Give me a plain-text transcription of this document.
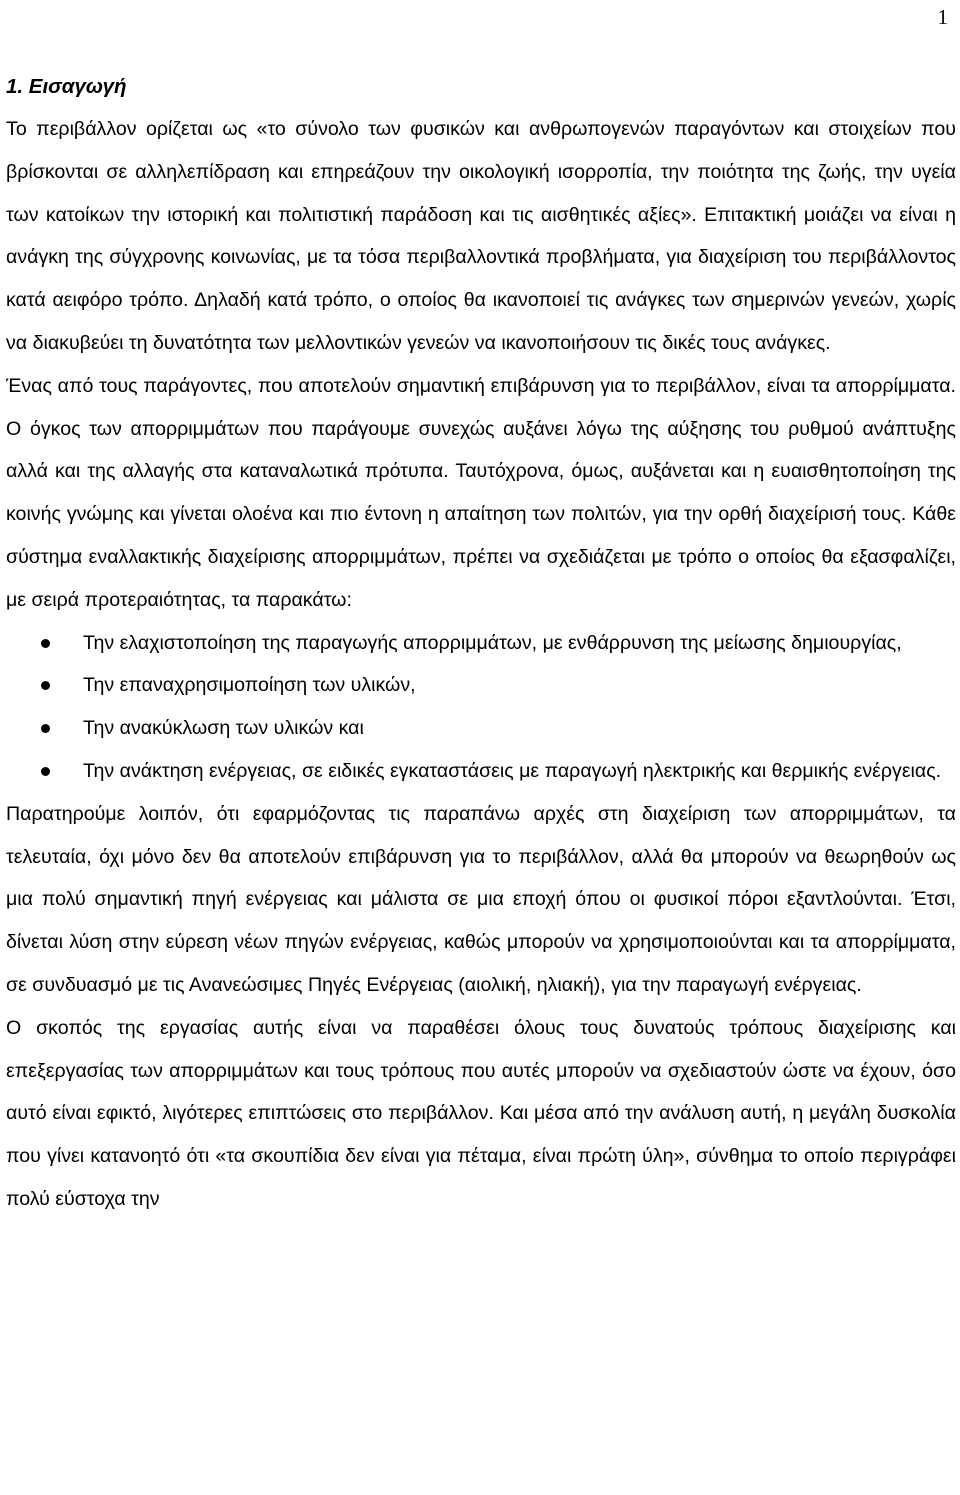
1
1. Εισαγωγή

Το περιβάλλον ορίζεται ως «το σύνολο των φυσικών και ανθρωπογενών παραγόντων και στοιχείων που βρίσκονται σε αλληλεπίδραση και επηρεάζουν την οικολογική ισορροπία, την ποιότητα της ζωής, την υγεία των κατοίκων την ιστορική και πολιτιστική παράδοση και τις αισθητικές αξίες». Επιτακτική μοιάζει να είναι η ανάγκη της σύγχρονης κοινωνίας, με τα τόσα περιβαλλοντικά προβλήματα, για διαχείριση του περιβάλλοντος κατά αειφόρο τρόπο. Δηλαδή κατά τρόπο, ο οποίος θα ικανοποιεί τις ανάγκες των σημερινών γενεών, χωρίς να διακυβεύει τη δυνατότητα των μελλοντικών γενεών να ικανοποιήσουν τις δικές τους ανάγκες.

Ένας από τους παράγοντες, που αποτελούν σημαντική επιβάρυνση για το περιβάλλον, είναι τα απορρίμματα. Ο όγκος των απορριμμάτων που παράγουμε συνεχώς αυξάνει λόγω της αύξησης του ρυθμού ανάπτυξης αλλά και της αλλαγής στα καταναλωτικά πρότυπα. Ταυτόχρονα, όμως, αυξάνεται και η ευαισθητοποίηση της κοινής γνώμης και γίνεται ολοένα και πιο έντονη η απαίτηση των πολιτών, για την ορθή διαχείρισή τους. Κάθε σύστημα εναλλακτικής διαχείρισης απορριμμάτων, πρέπει να σχεδιάζεται με τρόπο ο οποίος θα εξασφαλίζει, με σειρά προτεραιότητας, τα παρακάτω:

Την ελαχιστοποίηση της παραγωγής απορριμμάτων, με ενθάρρυνση της μείωσης δημιουργίας,
Την επαναχρησιμοποίηση των υλικών,
Την ανακύκλωση των υλικών και
Την ανάκτηση ενέργειας, σε ειδικές εγκαταστάσεις με παραγωγή ηλεκτρικής και θερμικής ενέργειας.

Παρατηρούμε λοιπόν, ότι εφαρμόζοντας τις παραπάνω αρχές στη διαχείριση των απορριμμάτων, τα τελευταία, όχι μόνο δεν θα αποτελούν επιβάρυνση για το περιβάλλον, αλλά θα μπορούν να θεωρηθούν ως μια πολύ σημαντική πηγή ενέργειας και μάλιστα σε μια εποχή όπου οι φυσικοί πόροι εξαντλούνται. Έτσι, δίνεται λύση στην εύρεση νέων πηγών ενέργειας, καθώς μπορούν να χρησιμοποιούνται και τα απορρίμματα, σε συνδυασμό με τις Ανανεώσιμες Πηγές Ενέργειας (αιολική, ηλιακή), για την παραγωγή ενέργειας.

Ο σκοπός της εργασίας αυτής είναι να παραθέσει όλους τους δυνατούς τρόπους διαχείρισης και επεξεργασίας των απορριμμάτων και τους τρόπους που αυτές μπορούν να σχεδιαστούν ώστε να έχουν, όσο αυτό είναι εφικτό, λιγότερες επιπτώσεις στο περιβάλλον. Και μέσα από την ανάλυση αυτή, η μεγάλη δυσκολία που γίνει κατανοητό ότι «τα σκουπίδια δεν είναι για πέταμα, είναι πρώτη ύλη», σύνθημα το οποίο περιγράφει πολύ εύστοχα την
